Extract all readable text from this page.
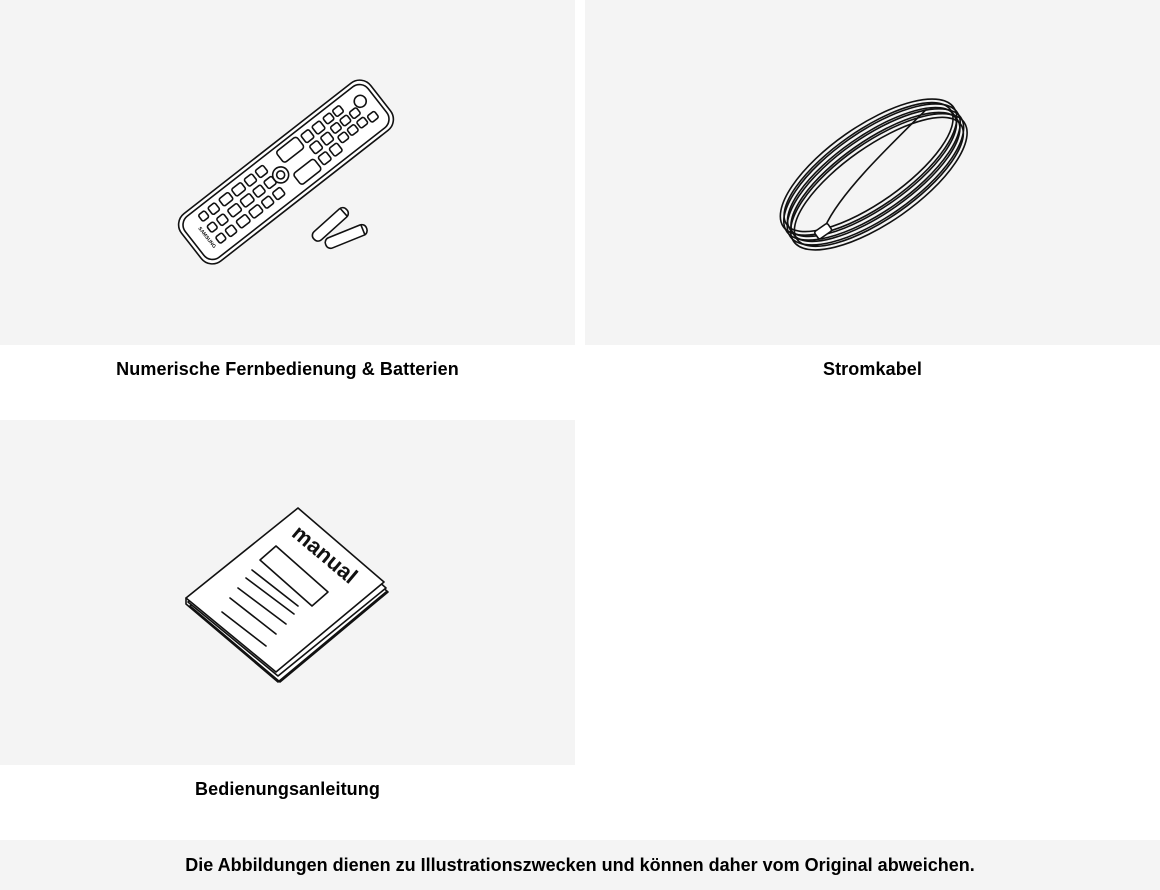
SAMSUNG
Numerische Fernbedienung & Batterien	Stromkabel
manual
Bedienungsanleitung
Die Abbildungen dienen zu Illustrationszwecken und können daher vom Original abweichen.
